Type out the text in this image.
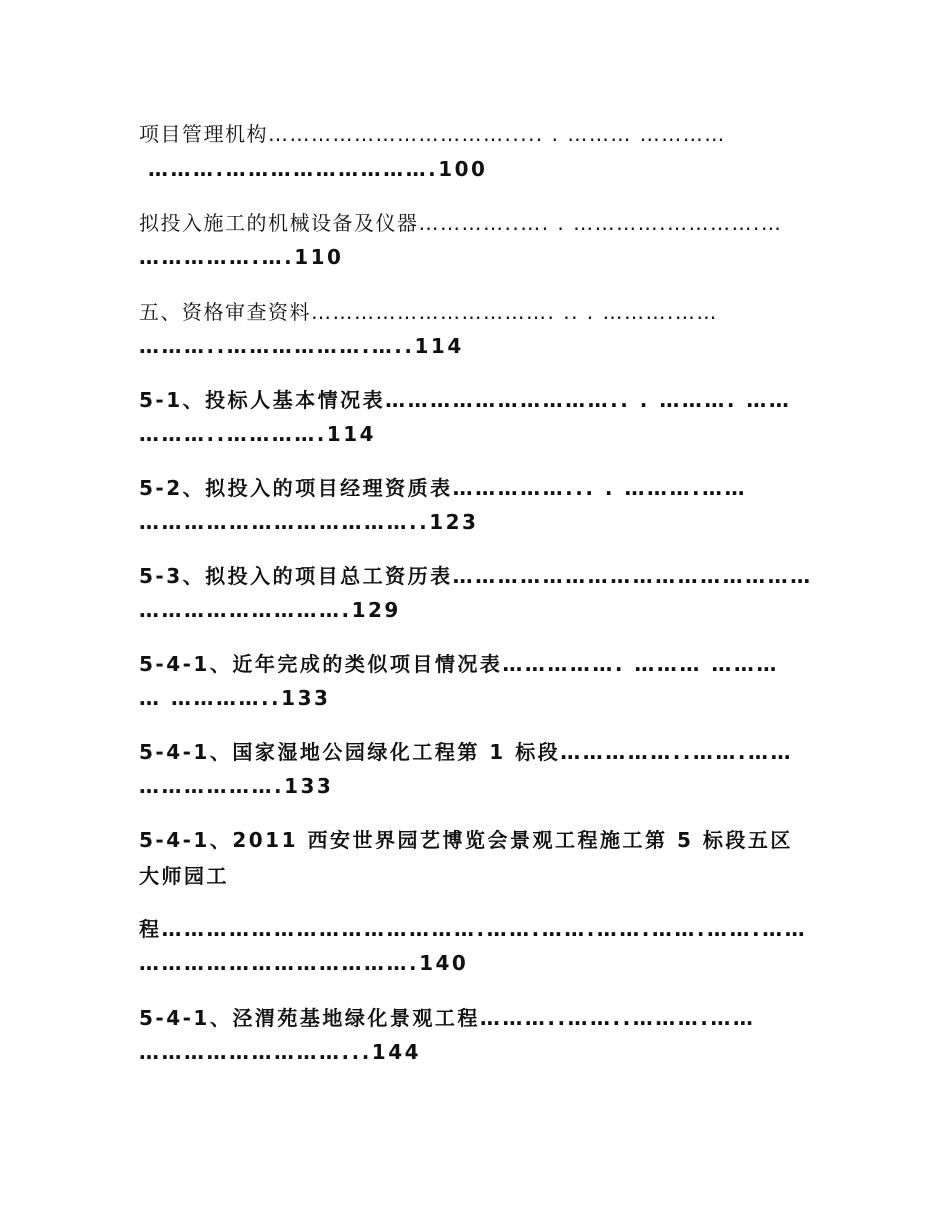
项目管理机构……………………………..... . ……… …………
……….……………………….100
拟投入施工的机械设备及仪器…………..…. . ………….………….…
…………….….110
五、资格审查资料……………………………. .. . ……….……
………..……………….…..114
5-1、投标人基本情况表………………………….. . ………. ……
………..………….114
5-2、拟投入的项目经理资质表……………... . ……….……
………………………………..123
5-3、拟投入的项目总工资历表…………………………………………
……………………….129
5-4-1、近年完成的类似项目情况表……………. ……… ………
… …………..133
5-4-1、国家湿地公园绿化工程第 1 标段……………..…….……
……………….133
5-4-1、2011 西安世界园艺博览会景观工程施工第 5 标段五区
大师园工
程…………………………………….…….…….…….…….…….……
……………………………….140
5-4-1、泾渭苑基地绿化景观工程………..……..……….……
………………………...144
